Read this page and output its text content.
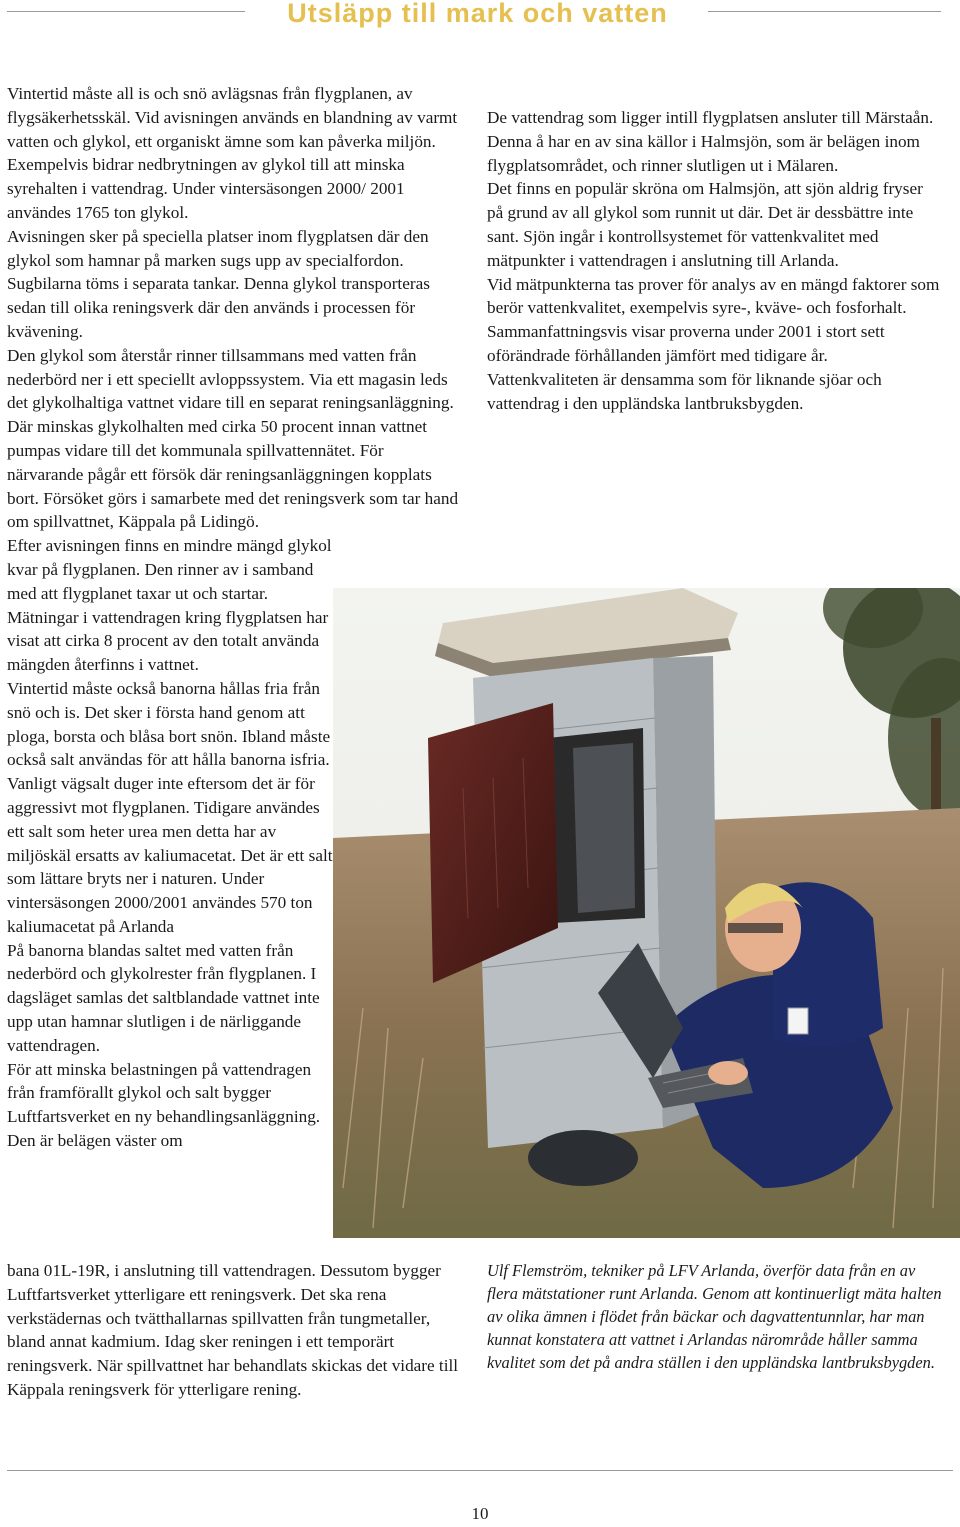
Utsläpp till mark och vatten

Vintertid måste all is och snö avlägsnas från flygplanen, av flygsäkerhetsskäl. Vid avisningen används en blandning av varmt vatten och glykol, ett organiskt ämne som kan påverka miljön. Exempelvis bidrar nedbrytningen av glykol till att minska syrehalten i vattendrag. Under vintersäsongen 2000/ 2001 användes 1765 ton glykol.

Avisningen sker på speciella platser inom flygplatsen där den glykol som hamnar på marken sugs upp av specialfordon. Sugbilarna töms i separata tankar. Denna glykol transporteras sedan till olika reningsverk där den används i processen för kvävening.

Den glykol som återstår rinner tillsammans med vatten från nederbörd ner i ett speciellt avloppssystem. Via ett magasin leds det glykolhaltiga vattnet vidare till en separat reningsanläggning. Där minskas glykolhalten med cirka 50 procent innan vattnet pumpas vidare till det kommunala spillvattennätet. För närvarande pågår ett försök där reningsanläggningen kopplats bort. Försöket görs i samarbete med det reningsverk som tar hand om spillvattnet, Käppala på Lidingö.

Efter avisningen finns en mindre mängd glykol kvar på flygplanen. Den rinner av i samband med att flygplanet taxar ut och startar. Mätningar i vattendragen kring flygplatsen har visat att cirka 8 procent av den totalt använda mängden återfinns i vattnet.

Vintertid måste också banorna hållas fria från snö och is. Det sker i första hand genom att ploga, borsta och blåsa bort snön. Ibland måste också salt användas för att hålla banorna isfria. Vanligt vägsalt duger inte eftersom det är för aggressivt mot flygplanen. Tidigare användes ett salt som heter urea men detta har av miljöskäl ersatts av kaliumacetat. Det är ett salt som lättare bryts ner i naturen. Under vintersäsongen 2000/2001 användes 570 ton kaliumacetat på Arlanda

På banorna blandas saltet med vatten från nederbörd och glykolrester från flygplanen. I dagsläget samlas det saltblandade vattnet inte upp utan hamnar slutligen i de närliggande vattendragen.

För att minska belastningen på vattendragen från framförallt glykol och salt bygger Luftfartsverket en ny behandlingsanläggning. Den är belägen väster om

bana 01L-19R, i anslutning till vattendragen. Dessutom bygger Luftfartsverket ytterligare ett reningsverk. Det ska rena verkstädernas och tvätthallarnas spillvatten från tungmetaller, bland annat kadmium. Idag sker reningen i ett temporärt reningsverk. När spillvattnet har behandlats skickas det vidare till Käppala reningsverk för ytterligare rening.

De vattendrag som ligger intill flygplatsen ansluter till Märstaån. Denna å har en av sina källor i Halmsjön, som är belägen inom flygplatsområdet, och rinner slutligen ut i Mälaren.

Det finns en populär skröna om Halmsjön, att sjön aldrig fryser på grund av all glykol som runnit ut där. Det är dessbättre inte sant. Sjön ingår i kontrollsystemet för vattenkvalitet med mätpunkter i vattendragen i anslutning till Arlanda.

Vid mätpunkterna tas prover för analys av en mängd faktorer som berör vattenkvalitet, exempelvis syre-, kväve- och fosforhalt. Sammanfattningsvis visar proverna under 2001 i stort sett oförändrade förhållanden jämfört med tidigare år. Vattenkvaliteten är densamma som för liknande sjöar och vattendrag i den uppländska lantbruksbygden.

Ulf Flemström, tekniker på LFV Arlanda, överför data från en av flera mätstationer runt Arlanda. Genom att kontinuerligt mäta halten av olika ämnen i flödet från bäckar och dagvattentunnlar, har man kunnat konstatera att vattnet i Arlandas närområde håller samma kvalitet som det på andra ställen i den uppländska lantbruksbygden.
10
